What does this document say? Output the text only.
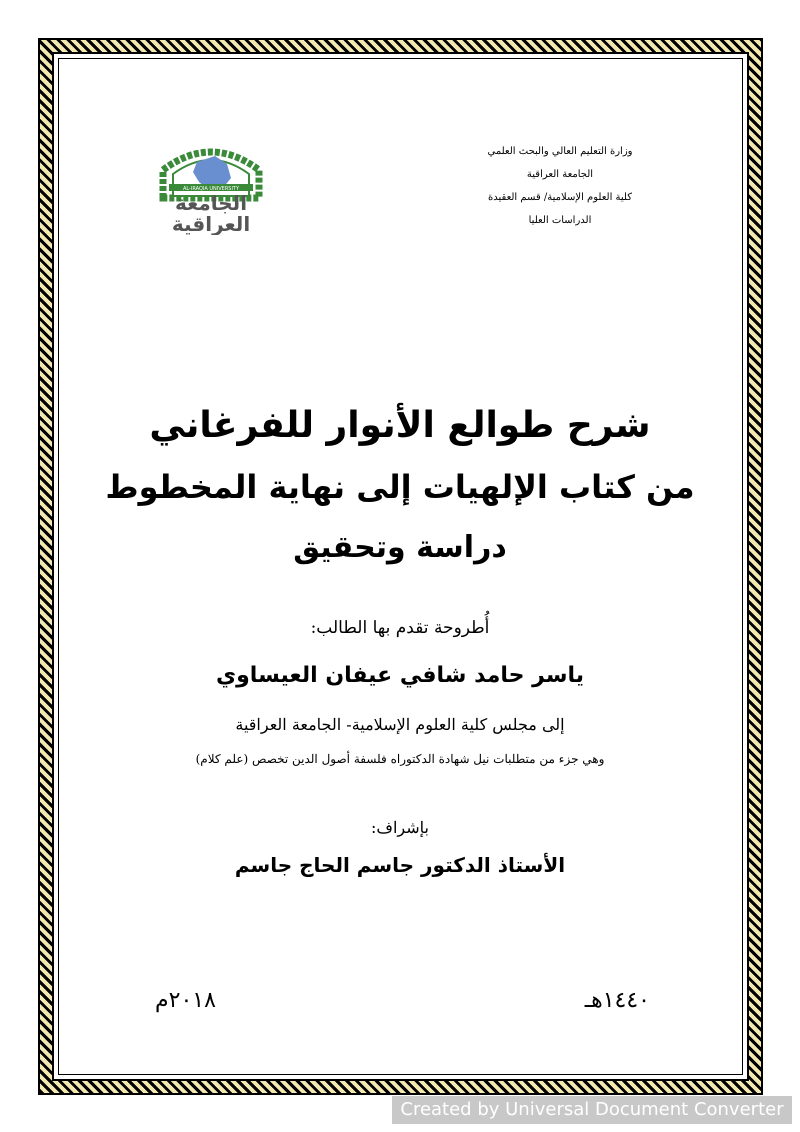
وزارة التعليم العالي والبحث العلمي
الجامعة العراقية
كلية العلوم الإسلامية/ قسم العقيدة
الدراسات العليا
AL-IRAQIA UNIVERSITY
الجامعة
العراقية
شرح طوالع الأنوار للفرغاني
من كتاب الإلهيات إلى نهاية المخطوط
دراسة وتحقيق
أُطروحة تقدم بها الطالب:
ياسر حامد شافي عيفان العيساوي
إلى مجلس كلية العلوم الإسلامية- الجامعة العراقية
وهي جزء من متطلبات نيل شهادة الدكتوراه فلسفة أصول الدين تخصص (علم كلام)
بإشراف:
الأستاذ الدكتور جاسم الحاج جاسم
١٤٤٠هـ
٢٠١٨م
Created by Universal Document Converter
